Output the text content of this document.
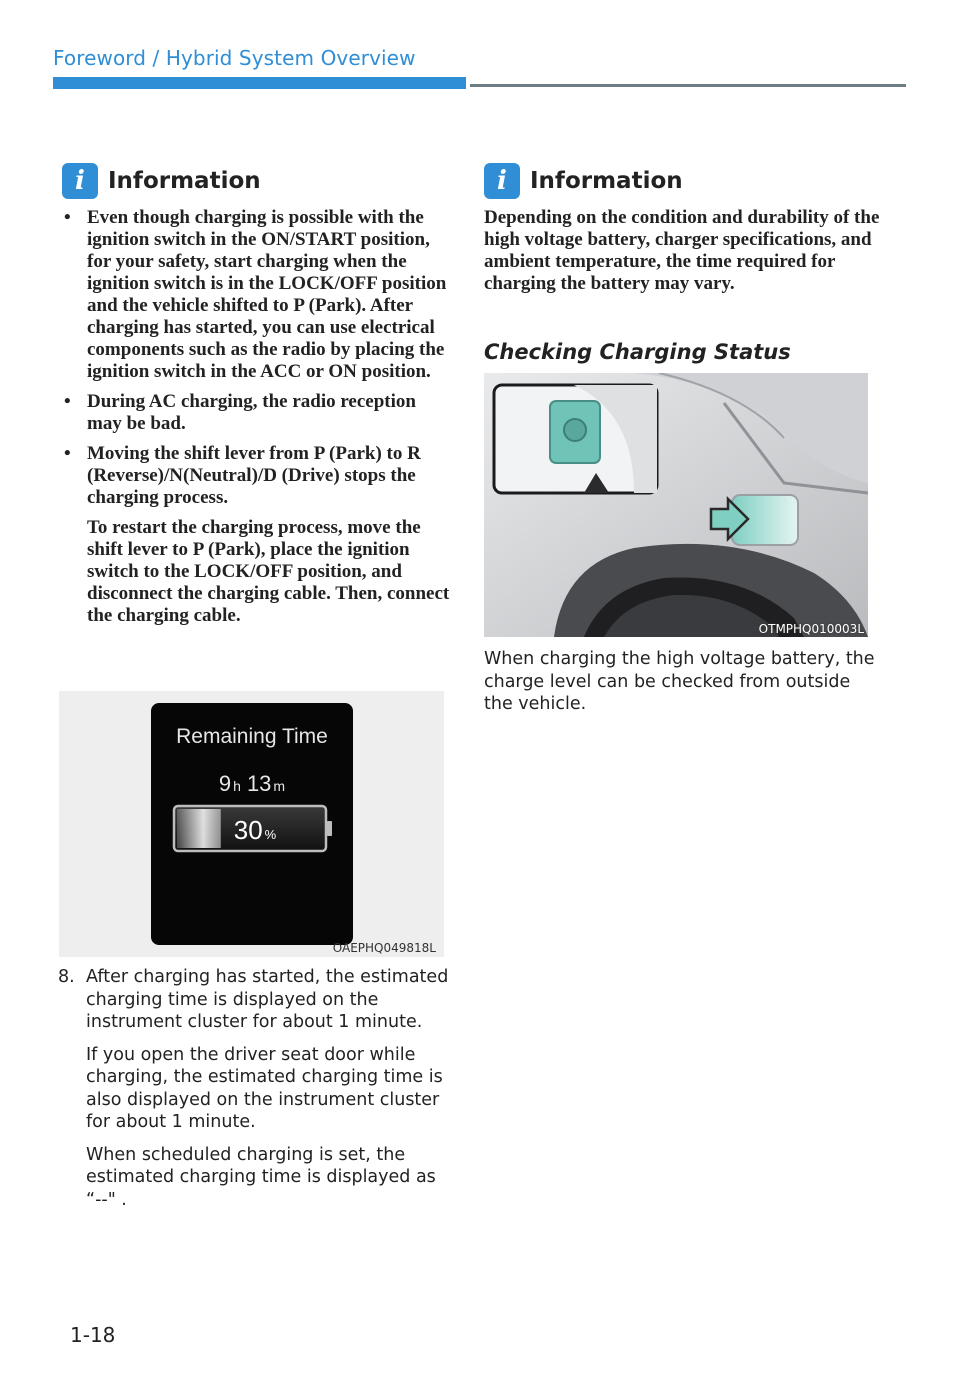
Foreword / Hybrid System Overview
i	Information
• Even though charging is possible with the ignition switch in the ON/START position, for your safety, start charging when the ignition switch is in the LOCK/OFF position and the vehicle shifted to P (Park). After charging has started, you can use electrical components such as the radio by placing the ignition switch in the ACC or ON position.

• During AC charging, the radio reception may be bad.

• Moving the shift lever from P (Park) to R (Reverse)/N(Neutral)/D (Drive) stops the charging process.

To restart the charging process, move the shift lever to P (Park), place the ignition switch to the LOCK/OFF position, and disconnect the charging cable. Then, connect the charging cable.

Remaining Time
9 h 13 m
30 %
OAEPHQ049818L
8. After charging has started, the estimated charging time is displayed on the instrument cluster for about 1 minute.

If you open the driver seat door while charging, the estimated charging time is also displayed on the instrument cluster for about 1 minute.

When scheduled charging is set, the estimated charging time is displayed as “--" .

i	Information

Depending on the condition and durability of the high voltage battery, charger specifications, and ambient temperature, the time required for charging the battery may vary.

Checking Charging Status
OTMPHQ010003L

When charging the high voltage battery, the charge level can be checked from outside the vehicle.

1-18
